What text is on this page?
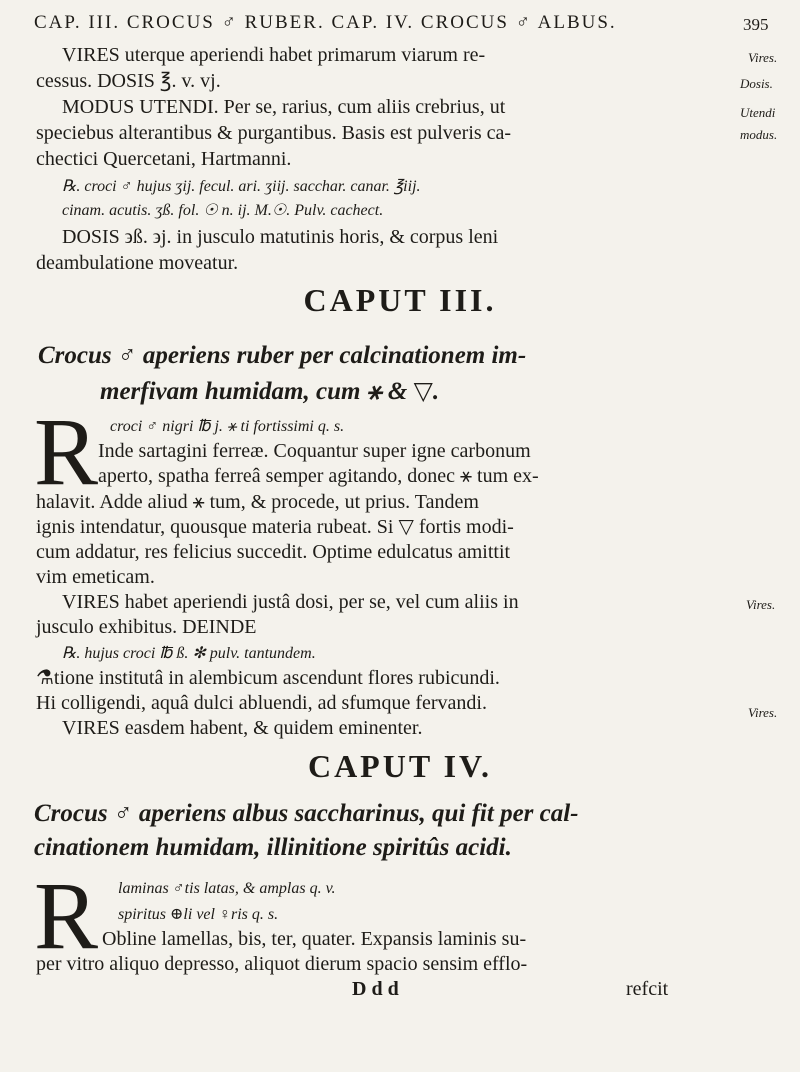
CAP. III. CROCUS ♂ RUBER. CAP. IV. CROCUS ♂ ALBUS.	395
VIRES uterque aperiendi habet primarum viarum re-	Vires.
cessus. DOSIS ℥. v. vj.	Dosis.
MODUS UTENDI. Per se, rarius, cum aliis crebrius, ut	Utendi modus.
speciebus alterantibus & purgantibus. Basis est pulveris ca-
chectici Quercetani, Hartmanni.
℞. croci ♂ hujus ʒij. fecul. ari. ʒiij. sacchar. canar. ℥iij.
cinam. acutis. ʒß. fol. ☉ n. ij. M.☉. Pulv. cachect.
DOSIS ϶ß. ϶j. in jusculo matutinis horis, & corpus leni
deambulatione moveatur.
CAPUT III.
Crocus ♂ aperiens ruber per calcinationem im-
merfivam humidam, cum ⚹ & ▽.
R croci ♂ nigri ℔ j. ⚹ ti fortissimi q. s.
Inde sartagini ferreæ. Coquantur super igne carbonum
aperto, spatha ferreâ semper agitando, donec ⚹ tum ex-
halavit. Adde aliud ⚹ tum, & procede, ut prius. Tandem
ignis intendatur, quousque materia rubeat. Si ▽ fortis modi-
cum addatur, res felicius succedit. Optime edulcatus amittit
vim emeticam.
VIRES habet aperiendi justâ dosi, per se, vel cum aliis in	Vires.
jusculo exhibitus. DEINDE
℞. hujus croci ℔ ß. ✻ pulv. tantundem.
⚗tione institutâ in alembicum ascendunt flores rubicundi.
Hi colligendi, aquâ dulci abluendi, ad sfumque fervandi.
VIRES easdem habent, & quidem eminenter.
Vires.
CAPUT IV.
Crocus ♂ aperiens albus saccharinus, qui fit per cal-
cinationem humidam, illinitione spiritûs acidi.
R laminas ♂tis latas, & amplas q. v.
spiritus ⊕li vel ♀ris q. s.
Obline lamellas, bis, ter, quater. Expansis laminis su-
per vitro aliquo depresso, aliquot dierum spacio sensim efflo-
D d d	refcit
